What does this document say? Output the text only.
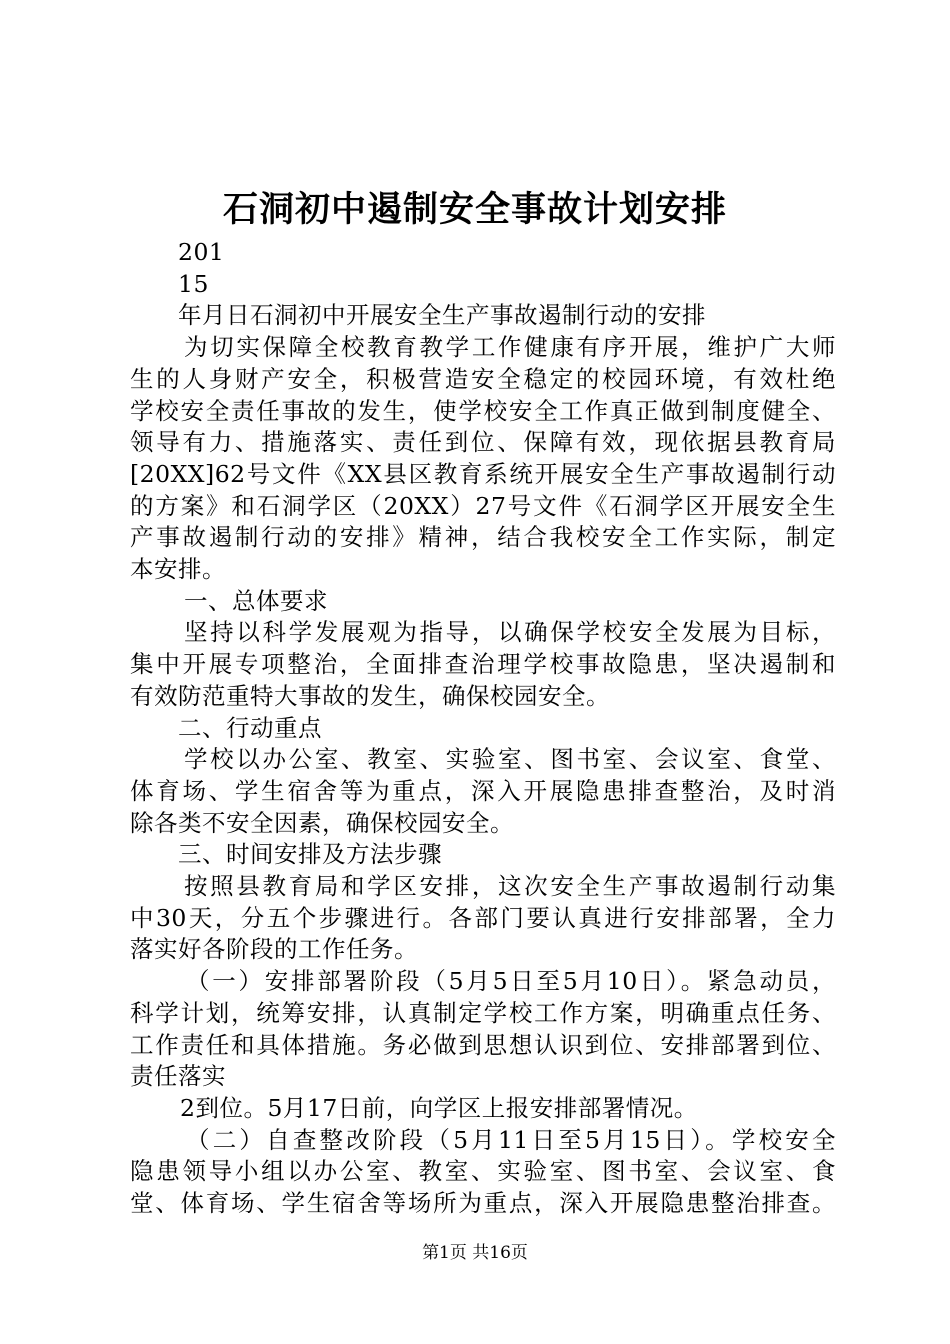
石洞初中遏制安全事故计划安排
201
15
年月日石洞初中开展安全生产事故遏制行动的安排
为切实保障全校教育教学工作健康有序开展，维护广大师
生的人身财产安全，积极营造安全稳定的校园环境，有效杜绝
学校安全责任事故的发生，使学校安全工作真正做到制度健全、
领导有力、措施落实、责任到位、保障有效，现依据县教育局
[20XX]62号文件《XX县区教育系统开展安全生产事故遏制行动
的方案》和石洞学区（20XX）27号文件《石洞学区开展安全生
产事故遏制行动的安排》精神，结合我校安全工作实际，制定
本安排。
一、总体要求
坚持以科学发展观为指导，以确保学校安全发展为目标，
集中开展专项整治，全面排查治理学校事故隐患，坚决遏制和
有效防范重特大事故的发生，确保校园安全。
二、行动重点
学校以办公室、教室、实验室、图书室、会议室、食堂、
体育场、学生宿舍等为重点，深入开展隐患排查整治，及时消
除各类不安全因素，确保校园安全。
三、时间安排及方法步骤
按照县教育局和学区安排，这次安全生产事故遏制行动集
中30天，分五个步骤进行。各部门要认真进行安排部署，全力
落实好各阶段的工作任务。
（一）安排部署阶段（5月5日至5月10日）。紧急动员，
科学计划，统筹安排，认真制定学校工作方案，明确重点任务、
工作责任和具体措施。务必做到思想认识到位、安排部署到位、
责任落实
2到位。5月17日前，向学区上报安排部署情况。
（二）自查整改阶段（5月11日至5月15日）。学校安全
隐患领导小组以办公室、教室、实验室、图书室、会议室、食
堂、体育场、学生宿舍等场所为重点，深入开展隐患整治排查。
第1页 共16页
